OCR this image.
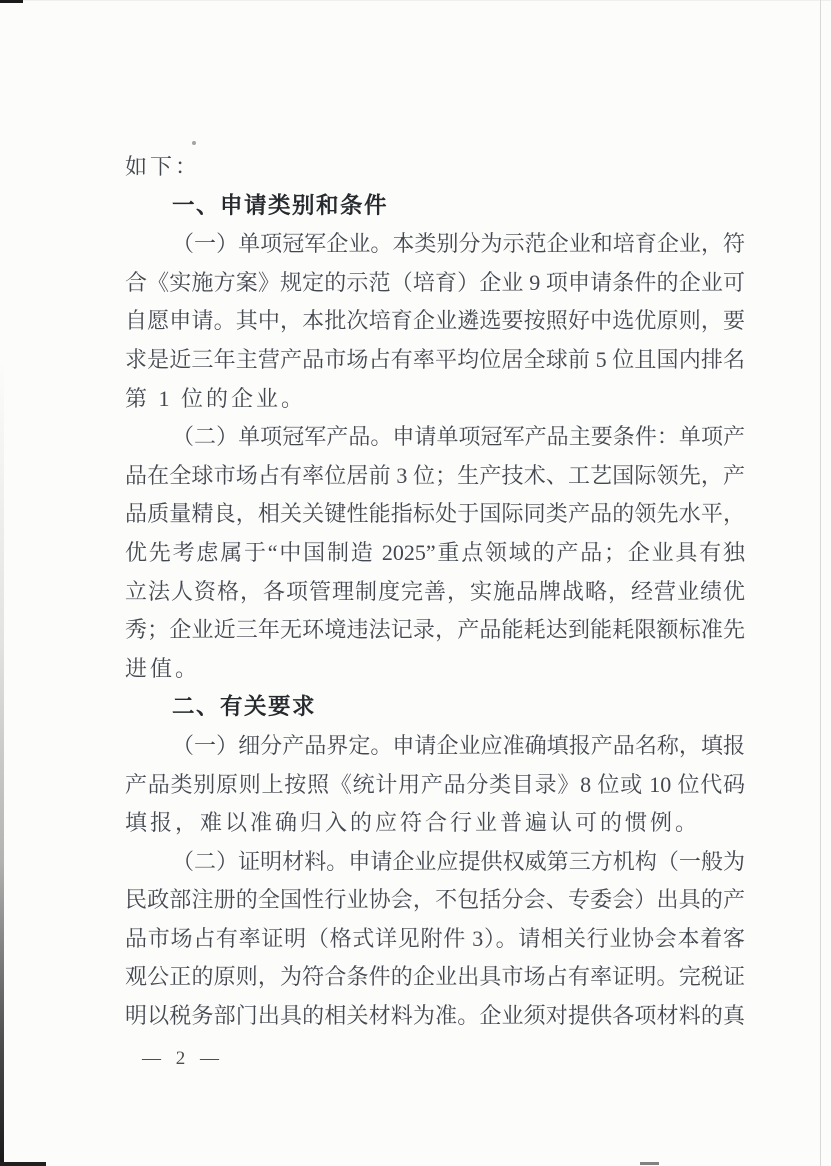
如下：
一、申请类别和条件
（一）单项冠军企业。本类别分为示范企业和培育企业，符
合《实施方案》规定的示范（培育）企业 9 项申请条件的企业可
自愿申请。其中，本批次培育企业遴选要按照好中选优原则，要
求是近三年主营产品市场占有率平均位居全球前 5 位且国内排名
第 1 位的企业。
（二）单项冠军产品。申请单项冠军产品主要条件：单项产
品在全球市场占有率位居前 3 位；生产技术、工艺国际领先，产
品质量精良，相关关键性能指标处于国际同类产品的领先水平，
优先考虑属于“中国制造 2025”重点领域的产品；企业具有独
立法人资格，各项管理制度完善，实施品牌战略，经营业绩优
秀；企业近三年无环境违法记录，产品能耗达到能耗限额标准先
进值。
二、有关要求
（一）细分产品界定。申请企业应准确填报产品名称，填报
产品类别原则上按照《统计用产品分类目录》8 位或 10 位代码
填报，难以准确归入的应符合行业普遍认可的惯例。
（二）证明材料。申请企业应提供权威第三方机构（一般为
民政部注册的全国性行业协会，不包括分会、专委会）出具的产
品市场占有率证明（格式详见附件 3）。请相关行业协会本着客
观公正的原则，为符合条件的企业出具市场占有率证明。完税证
明以税务部门出具的相关材料为准。企业须对提供各项材料的真
— 2 —
